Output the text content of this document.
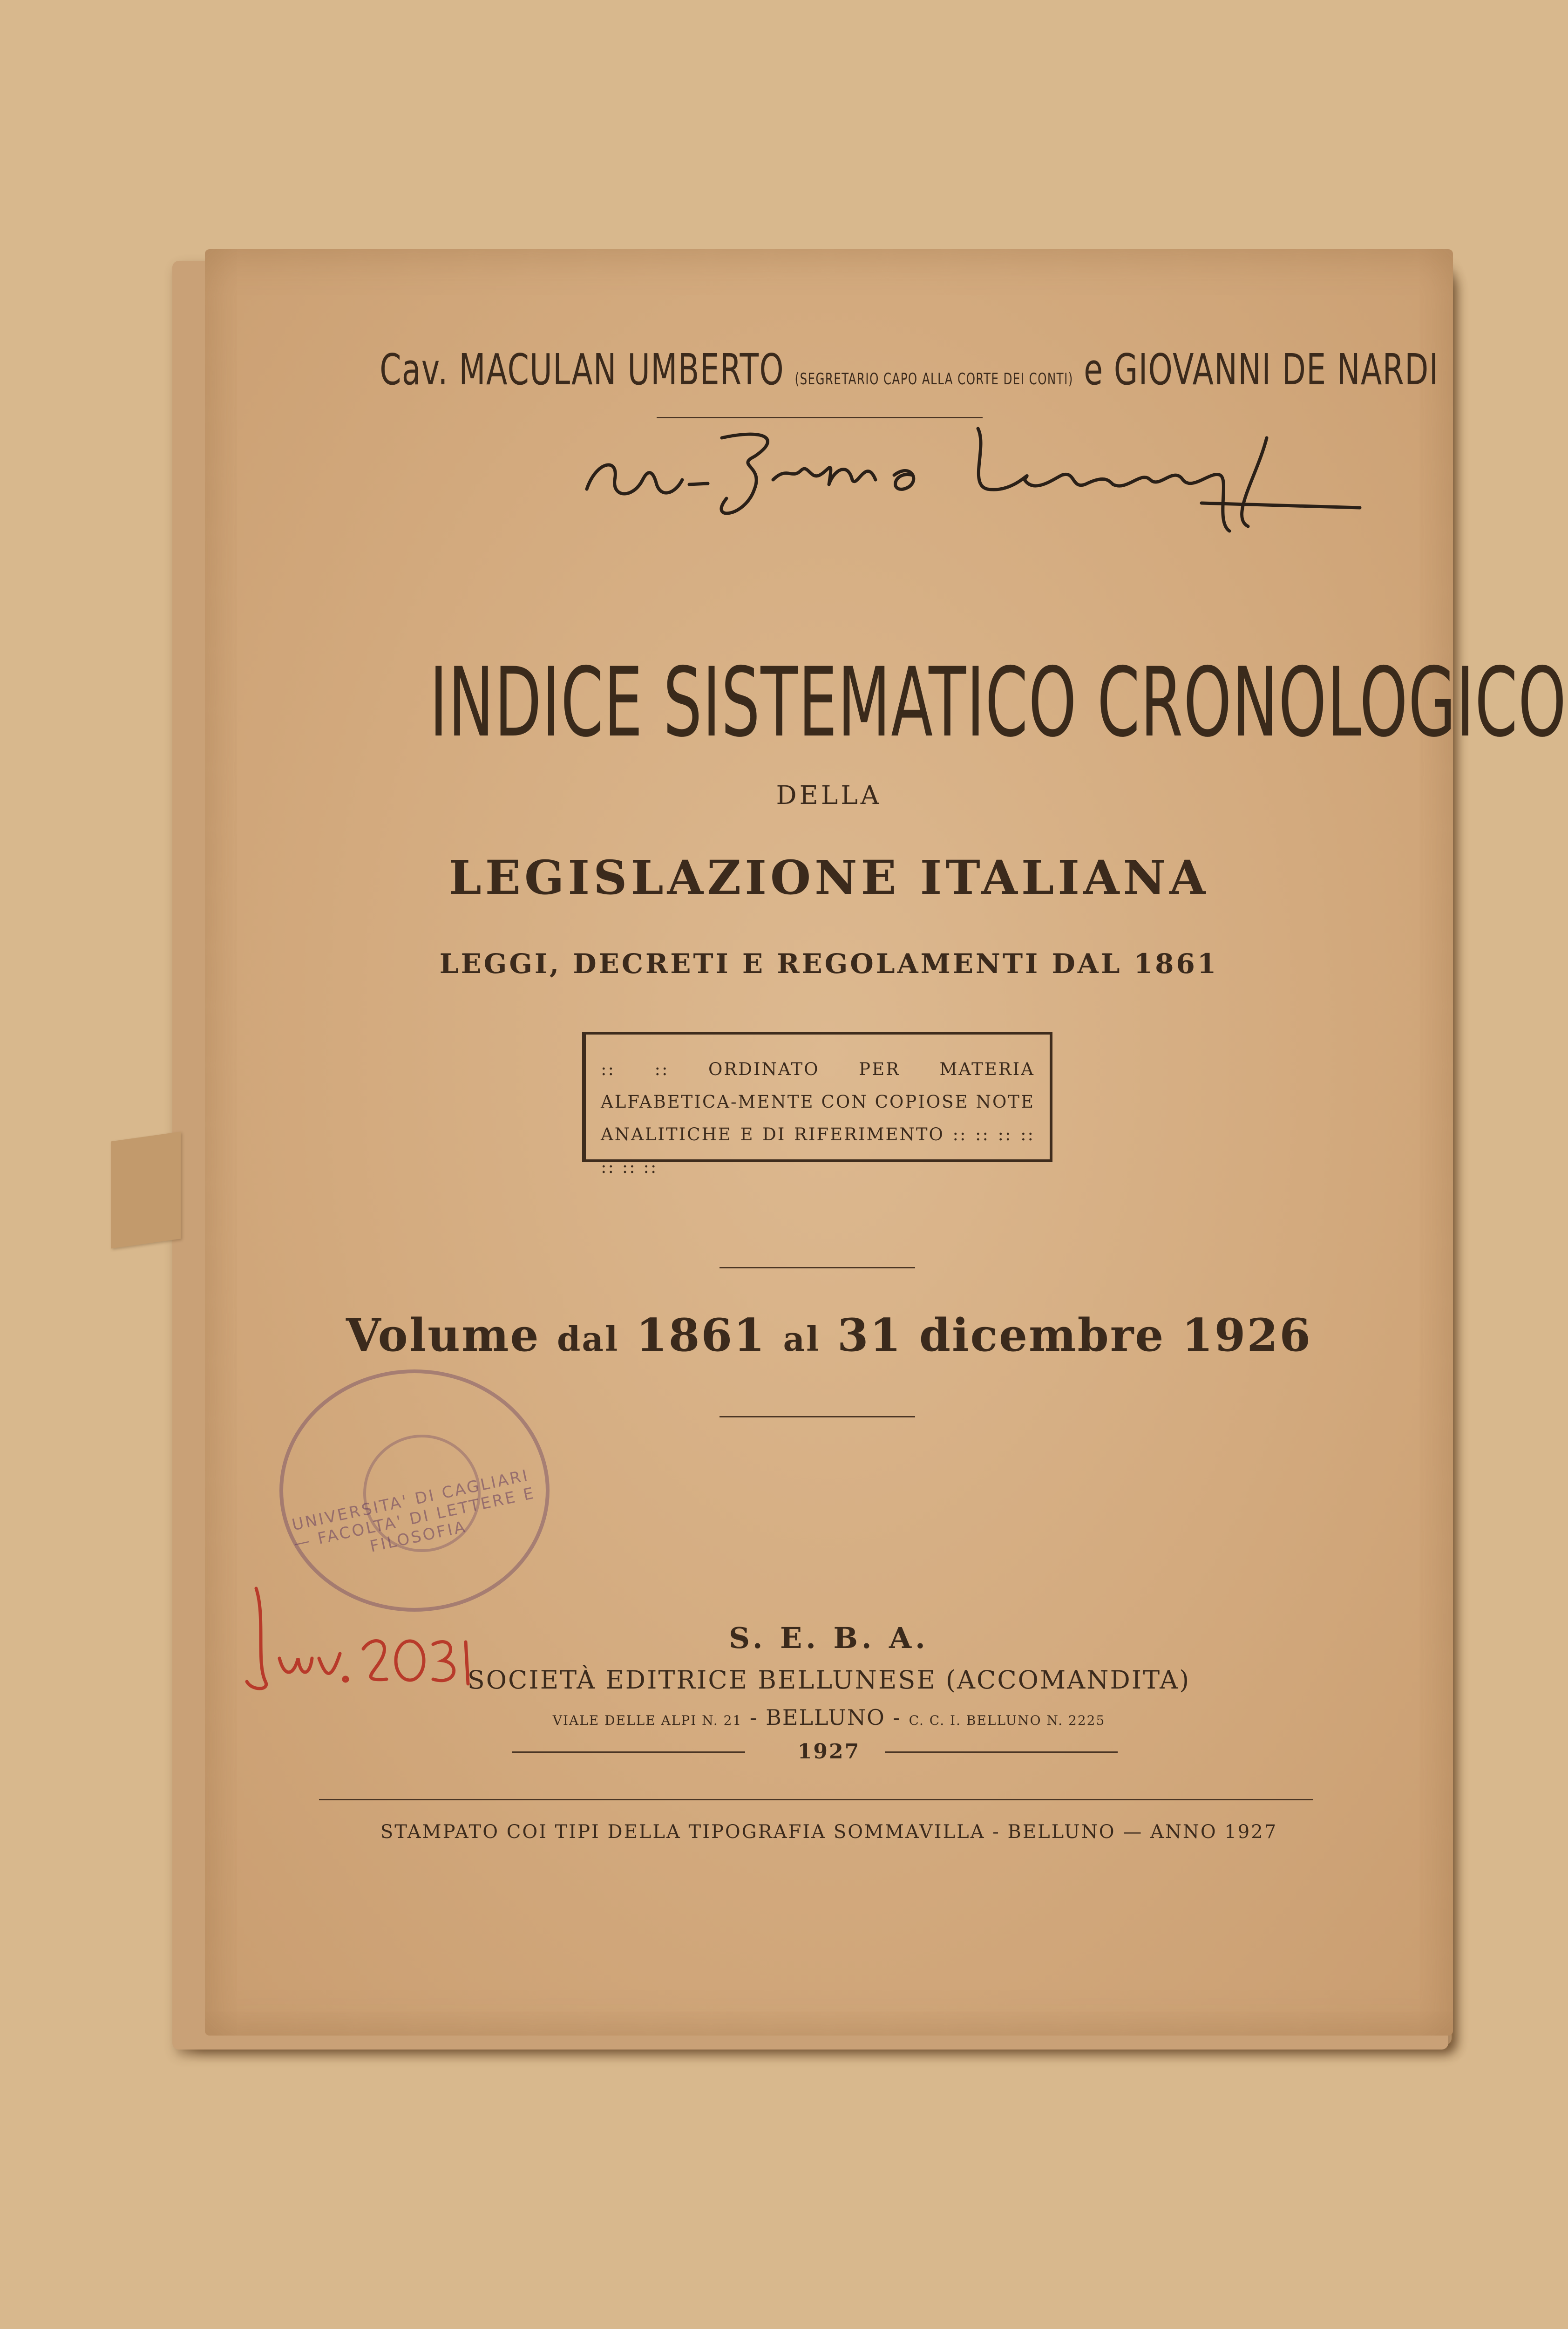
Cav. MACULAN UMBERTO (SEGRETARIO CAPO ALLA CORTE DEI CONTI) e GIOVANNI DE NARDI
Av. Emilio Lussu
INDICE SISTEMATICO CRONOLOGICO
DELLA
LEGISLAZIONE ITALIANA
LEGGI, DECRETI E REGOLAMENTI DAL 1861
:: :: ORDINATO PER MATERIA ALFABETICA-MENTE CON COPIOSE NOTE ANALITICHE E DI RIFERIMENTO :: :: :: :: :: :: ::
Volume dal 1861 al 31 dicembre 1926
UNIVERSITA' DI CAGLIARI — FACOLTA' DI LETTERE E FILOSOFIA
Inv. 2031
S. E. B. A.
SOCIETÀ EDITRICE BELLUNESE (ACCOMANDITA)
VIALE DELLE ALPI N. 21 - BELLUNO - C. C. I. BELLUNO N. 2225
1927
STAMPATO COI TIPI DELLA TIPOGRAFIA SOMMAVILLA - BELLUNO — ANNO 1927
